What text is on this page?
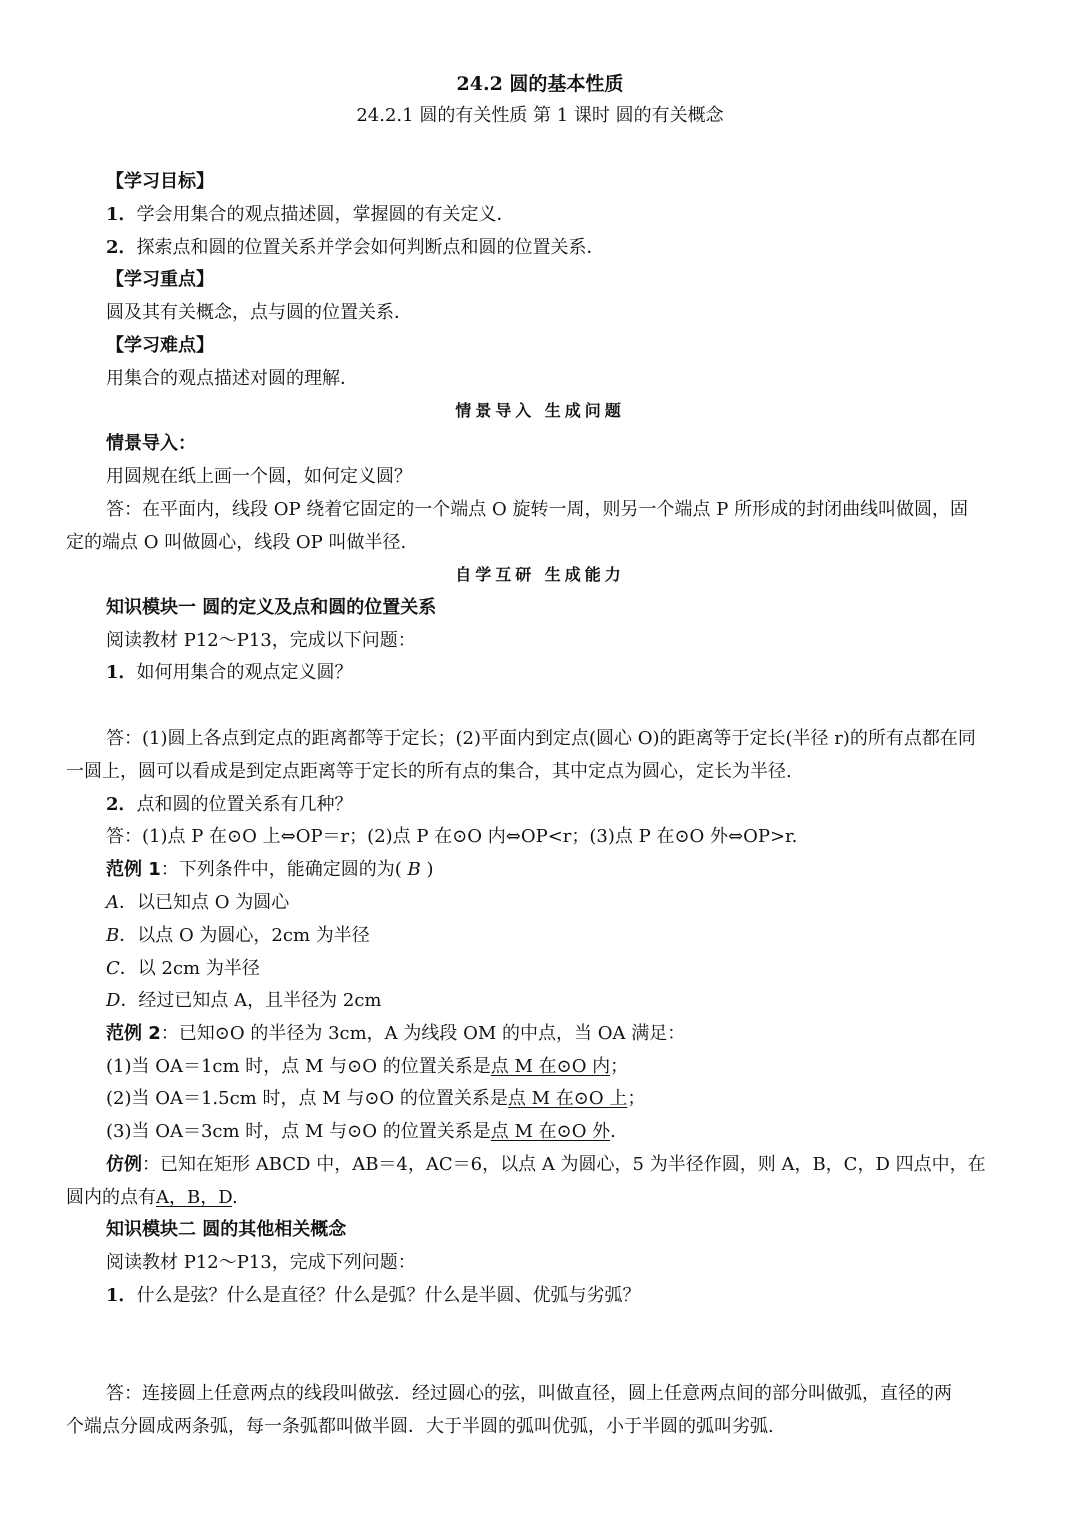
24.2 圆的基本性质
24.2.1 圆的有关性质 第 1 课时 圆的有关概念
【学习目标】
1．学会用集合的观点描述圆，掌握圆的有关定义．
2．探索点和圆的位置关系并学会如何判断点和圆的位置关系．
【学习重点】
圆及其有关概念，点与圆的位置关系．
【学习难点】
用集合的观点描述对圆的理解．
情景导入 生成问题
情景导入：
用圆规在纸上画一个圆，如何定义圆？
答：在平面内，线段 OP 绕着它固定的一个端点 O 旋转一周，则另一个端点 P 所形成的封闭曲线叫做圆，固
定的端点 O 叫做圆心，线段 OP 叫做半径.
自学互研 生成能力
知识模块一 圆的定义及点和圆的位置关系
阅读教材 P12～P13，完成以下问题：
1．如何用集合的观点定义圆？
答：(1)圆上各点到定点的距离都等于定长；(2)平面内到定点(圆心 O)的距离等于定长(半径 r)的所有点都在同
一圆上，圆可以看成是到定点距离等于定长的所有点的集合，其中定点为圆心，定长为半径.
2．点和圆的位置关系有几种？
答：(1)点 P 在⊙O 上⇔OP＝r；(2)点 P 在⊙O 内⇔OP<r；(3)点 P 在⊙O 外⇔OP>r.
范例 1：下列条件中，能确定圆的为( B )
A．以已知点 O 为圆心
B．以点 O 为圆心，2cm 为半径
C．以 2cm 为半径
D．经过已知点 A，且半径为 2cm
范例 2：已知⊙O 的半径为 3cm，A 为线段 OM 的中点，当 OA 满足：
(1)当 OA＝1cm 时，点 M 与⊙O 的位置关系是点 M 在⊙O 内；
(2)当 OA＝1.5cm 时，点 M 与⊙O 的位置关系是点 M 在⊙O 上；
(3)当 OA＝3cm 时，点 M 与⊙O 的位置关系是点 M 在⊙O 外.
仿例：已知在矩形 ABCD 中，AB＝4，AC＝6，以点 A 为圆心，5 为半径作圆，则 A，B，C，D 四点中，在
圆内的点有A，B，D.
知识模块二 圆的其他相关概念
阅读教材 P12～P13，完成下列问题：
1．什么是弦？什么是直径？什么是弧？什么是半圆、优弧与劣弧？
答：连接圆上任意两点的线段叫做弦．经过圆心的弦，叫做直径，圆上任意两点间的部分叫做弧，直径的两
个端点分圆成两条弧，每一条弧都叫做半圆．大于半圆的弧叫优弧，小于半圆的弧叫劣弧.
